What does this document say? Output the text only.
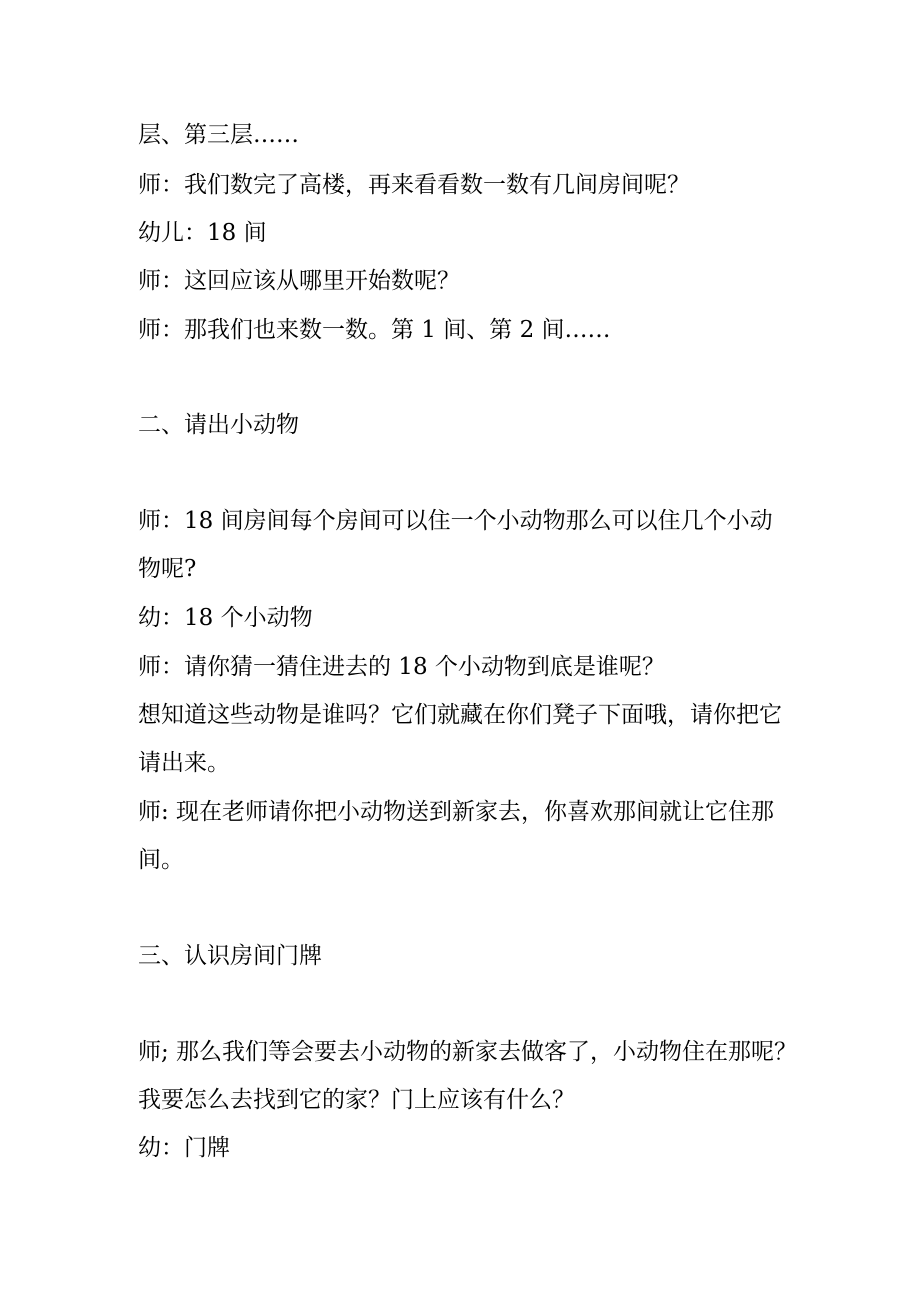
层、第三层……

师：我们数完了高楼，再来看看数一数有几间房间呢？

幼儿：18 间

师：这回应该从哪里开始数呢？

师：那我们也来数一数。第 1 间、第 2 间……

二、请出小动物

师：18 间房间每个房间可以住一个小动物那么可以住几个小动

物呢?

幼：18 个小动物

师：请你猜一猜住进去的 18 个小动物到底是谁呢？

想知道这些动物是谁吗？它们就藏在你们凳子下面哦，请你把它

请出来。

师: 现在老师请你把小动物送到新家去，你喜欢那间就让它住那

间。

三、认识房间门牌

师; 那么我们等会要去小动物的新家去做客了，小动物住在那呢？

我要怎么去找到它的家？门上应该有什么？

幼：门牌
